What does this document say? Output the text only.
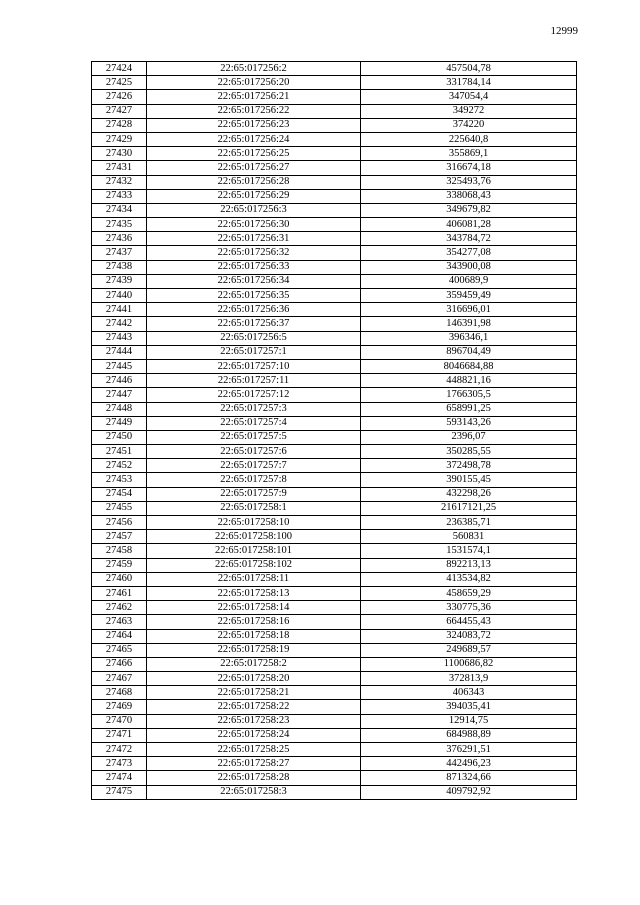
12999
27424	22:65:017256:2	457504,78
27425	22:65:017256:20	331784,14
27426	22:65:017256:21	347054,4
27427	22:65:017256:22	349272
27428	22:65:017256:23	374220
27429	22:65:017256:24	225640,8
27430	22:65:017256:25	355869,1
27431	22:65:017256:27	316674,18
27432	22:65:017256:28	325493,76
27433	22:65:017256:29	338068,43
27434	22:65:017256:3	349679,82
27435	22:65:017256:30	406081,28
27436	22:65:017256:31	343784,72
27437	22:65:017256:32	354277,08
27438	22:65:017256:33	343900,08
27439	22:65:017256:34	400689,9
27440	22:65:017256:35	359459,49
27441	22:65:017256:36	316696,01
27442	22:65:017256:37	146391,98
27443	22:65:017256:5	396346,1
27444	22:65:017257:1	896704,49
27445	22:65:017257:10	8046684,88
27446	22:65:017257:11	448821,16
27447	22:65:017257:12	1766305,5
27448	22:65:017257:3	658991,25
27449	22:65:017257:4	593143,26
27450	22:65:017257:5	2396,07
27451	22:65:017257:6	350285,55
27452	22:65:017257:7	372498,78
27453	22:65:017257:8	390155,45
27454	22:65:017257:9	432298,26
27455	22:65:017258:1	21617121,25
27456	22:65:017258:10	236385,71
27457	22:65:017258:100	560831
27458	22:65:017258:101	1531574,1
27459	22:65:017258:102	892213,13
27460	22:65:017258:11	413534,82
27461	22:65:017258:13	458659,29
27462	22:65:017258:14	330775,36
27463	22:65:017258:16	664455,43
27464	22:65:017258:18	324083,72
27465	22:65:017258:19	249689,57
27466	22:65:017258:2	1100686,82
27467	22:65:017258:20	372813,9
27468	22:65:017258:21	406343
27469	22:65:017258:22	394035,41
27470	22:65:017258:23	12914,75
27471	22:65:017258:24	684988,89
27472	22:65:017258:25	376291,51
27473	22:65:017258:27	442496,23
27474	22:65:017258:28	871324,66
27475	22:65:017258:3	409792,92
